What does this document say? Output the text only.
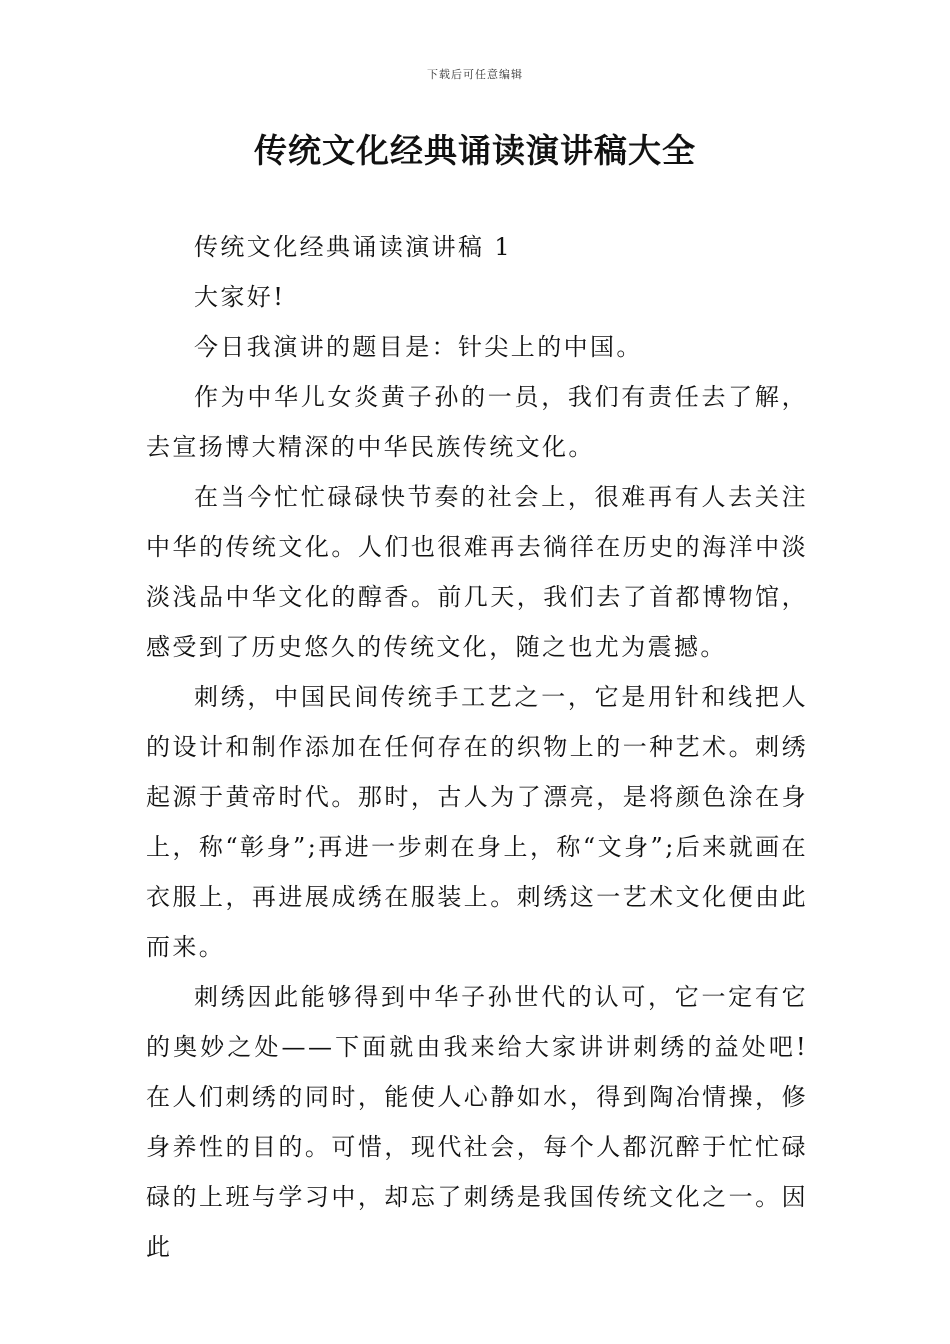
下载后可任意编辑
传统文化经典诵读演讲稿大全

传统文化经典诵读演讲稿 1

大家好!

今日我演讲的题目是：针尖上的中国。

作为中华儿女炎黄子孙的一员，我们有责任去了解，去宣扬博大精深的中华民族传统文化。

在当今忙忙碌碌快节奏的社会上，很难再有人去关注中华的传统文化。人们也很难再去徜徉在历史的海洋中淡淡浅品中华文化的醇香。前几天，我们去了首都博物馆，感受到了历史悠久的传统文化，随之也尤为震撼。

刺绣，中国民间传统手工艺之一，它是用针和线把人的设计和制作添加在任何存在的织物上的一种艺术。刺绣起源于黄帝时代。那时，古人为了漂亮，是将颜色涂在身上，称“彰身”;再进一步刺在身上，称“文身”;后来就画在衣服上，再进展成绣在服装上。刺绣这一艺术文化便由此而来。

刺绣因此能够得到中华子孙世代的认可，它一定有它的奥妙之处——下面就由我来给大家讲讲刺绣的益处吧!在人们刺绣的同时，能使人心静如水，得到陶冶情操，修身养性的目的。可惜，现代社会，每个人都沉醉于忙忙碌碌的上班与学习中，却忘了刺绣是我国传统文化之一。因此
